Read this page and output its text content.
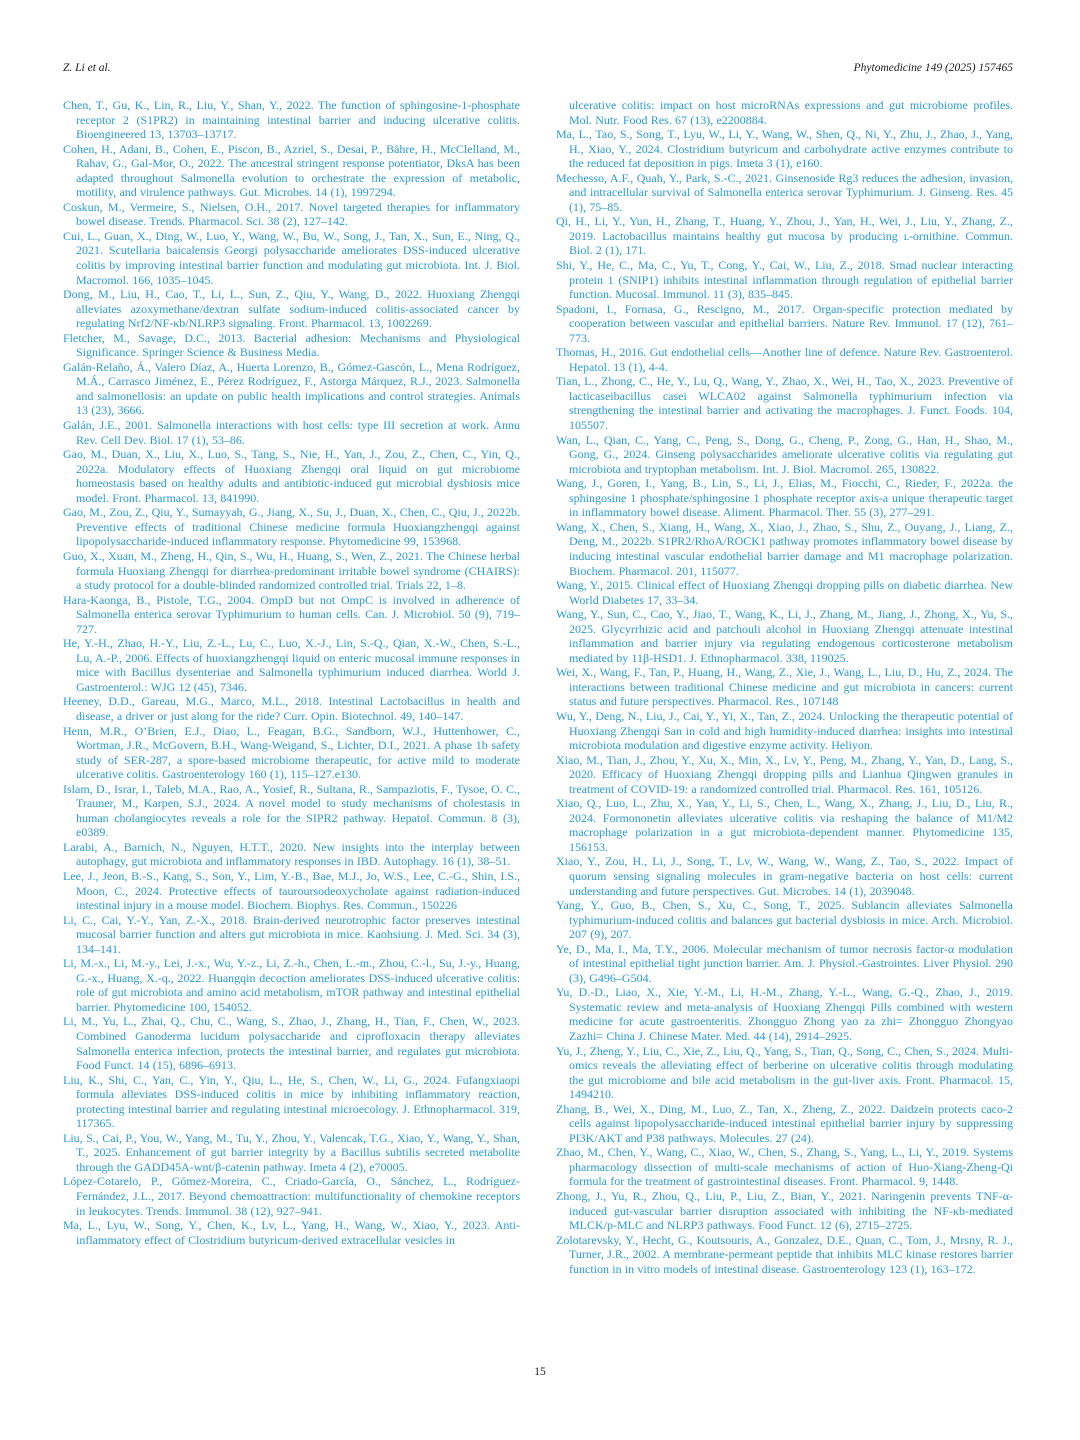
Z. Li et al.	Phytomedicine 149 (2025) 157465

Chen, T., Gu, K., Lin, R., Liu, Y., Shan, Y., 2022. The function of sphingosine-1-phosphate receptor 2 (S1PR2) in maintaining intestinal barrier and inducing ulcerative colitis. Bioengineered 13, 13703–13717.

Cohen, H., Adani, B., Cohen, E., Piscon, B., Azriel, S., Desai, P., Bähre, H., McClelland, M., Rahav, G., Gal-Mor, O., 2022. The ancestral stringent response potentiator, DksA has been adapted throughout Salmonella evolution to orchestrate the expression of metabolic, motility, and virulence pathways. Gut. Microbes. 14 (1), 1997294.

Coskun, M., Vermeire, S., Nielsen, O.H., 2017. Novel targeted therapies for inflammatory bowel disease. Trends. Pharmacol. Sci. 38 (2), 127–142.

Cui, L., Guan, X., Ding, W., Luo, Y., Wang, W., Bu, W., Song, J., Tan, X., Sun, E., Ning, Q., 2021. Scutellaria baicalensis Georgi polysaccharide ameliorates DSS-induced ulcerative colitis by improving intestinal barrier function and modulating gut microbiota. Int. J. Biol. Macromol. 166, 1035–1045.

Dong, M., Liu, H., Cao, T., Li, L., Sun, Z., Qiu, Y., Wang, D., 2022. Huoxiang Zhengqi alleviates azoxymethane/dextran sulfate sodium-induced colitis-associated cancer by regulating Nrf2/NF-κb/NLRP3 signaling. Front. Pharmacol. 13, 1002269.

Fletcher, M., Savage, D.C., 2013. Bacterial adhesion: Mechanisms and Physiological Significance. Springer Science & Business Media.

Galán-Relaño, Á., Valero Díaz, A., Huerta Lorenzo, B., Gómez-Gascón, L., Mena Rodríguez, M.Á., Carrasco Jiménez, E., Pérez Rodríguez, F., Astorga Márquez, R.J., 2023. Salmonella and salmonellosis: an update on public health implications and control strategies. Animals 13 (23), 3666.

Galán, J.E., 2001. Salmonella interactions with host cells: type III secretion at work. Annu Rev. Cell Dev. Biol. 17 (1), 53–86.

Gao, M., Duan, X., Liu, X., Luo, S., Tang, S., Nie, H., Yan, J., Zou, Z., Chen, C., Yin, Q., 2022a. Modulatory effects of Huoxiang Zhengqi oral liquid on gut microbiome homeostasis based on healthy adults and antibiotic-induced gut microbial dysbiosis mice model. Front. Pharmacol. 13, 841990.

Gao, M., Zou, Z., Qiu, Y., Sumayyah, G., Jiang, X., Su, J., Duan, X., Chen, C., Qiu, J., 2022b. Preventive effects of traditional Chinese medicine formula Huoxiangzhengqi against lipopolysaccharide-induced inflammatory response. Phytomedicine 99, 153968.

Guo, X., Xuan, M., Zheng, H., Qin, S., Wu, H., Huang, S., Wen, Z., 2021. The Chinese herbal formula Huoxiang Zhengqi for diarrhea-predominant irritable bowel syndrome (CHAIRS): a study protocol for a double-blinded randomized controlled trial. Trials 22, 1–8.

Hara-Kaonga, B., Pistole, T.G., 2004. OmpD but not OmpC is involved in adherence of Salmonella enterica serovar Typhimurium to human cells. Can. J. Microbiol. 50 (9), 719–727.

He, Y.-H., Zhao, H.-Y., Liu, Z.-L., Lu, C., Luo, X.-J., Lin, S.-Q., Qian, X.-W., Chen, S.-L., Lu, A.-P., 2006. Effects of huoxiangzhengqi liquid on enteric mucosal immune responses in mice with Bacillus dysenteriae and Salmonella typhimurium induced diarrhea. World J. Gastroenterol.: WJG 12 (45), 7346.

Heeney, D.D., Gareau, M.G., Marco, M.L., 2018. Intestinal Lactobacillus in health and disease, a driver or just along for the ride? Curr. Opin. Biotechnol. 49, 140–147.

Henn, M.R., O’Brien, E.J., Diao, L., Feagan, B.G., Sandborn, W.J., Huttenhower, C., Wortman, J.R., McGovern, B.H., Wang-Weigand, S., Lichter, D.I., 2021. A phase 1b safety study of SER-287, a spore-based microbiome therapeutic, for active mild to moderate ulcerative colitis. Gastroenterology 160 (1), 115–127.e130.

Islam, D., Israr, I., Taleb, M.A., Rao, A., Yosief, R., Sultana, R., Sampaziotis, F., Tysoe, O. C., Trauner, M., Karpen, S.J., 2024. A novel model to study mechanisms of cholestasis in human cholangiocytes reveals a role for the SIPR2 pathway. Hepatol. Commun. 8 (3), e0389.

Larabi, A., Barnich, N., Nguyen, H.T.T., 2020. New insights into the interplay between autophagy, gut microbiota and inflammatory responses in IBD. Autophagy. 16 (1), 38–51.

Lee, J., Jeon, B.-S., Kang, S., Son, Y., Lim, Y.-B., Bae, M.J., Jo, W.S., Lee, C.-G., Shin, I.S., Moon, C., 2024. Protective effects of tauroursodeoxycholate against radiation-induced intestinal injury in a mouse model. Biochem. Biophys. Res. Commun., 150226

Li, C., Cai, Y.-Y., Yan, Z.-X., 2018. Brain-derived neurotrophic factor preserves intestinal mucosal barrier function and alters gut microbiota in mice. Kaohsiung. J. Med. Sci. 34 (3), 134–141.

Li, M.-x., Li, M.-y., Lei, J.-x., Wu, Y.-z., Li, Z.-h., Chen, L.-m., Zhou, C.-l., Su, J.-y., Huang, G.-x., Huang, X.-q., 2022. Huangqin decoction ameliorates DSS-induced ulcerative colitis: role of gut microbiota and amino acid metabolism, mTOR pathway and intestinal epithelial barrier. Phytomedicine 100, 154052.

Li, M., Yu, L., Zhai, Q., Chu, C., Wang, S., Zhao, J., Zhang, H., Tian, F., Chen, W., 2023. Combined Ganoderma lucidum polysaccharide and ciprofloxacin therapy alleviates Salmonella enterica infection, protects the intestinal barrier, and regulates gut microbiota. Food Funct. 14 (15), 6896–6913.

Liu, K., Shi, C., Yan, C., Yin, Y., Qiu, L., He, S., Chen, W., Li, G., 2024. Fufangxiaopi formula alleviates DSS-induced colitis in mice by inhibiting inflammatory reaction, protecting intestinal barrier and regulating intestinal microecology. J. Ethnopharmacol. 319, 117365.

Liu, S., Cai, P., You, W., Yang, M., Tu, Y., Zhou, Y., Valencak, T.G., Xiao, Y., Wang, Y., Shan, T., 2025. Enhancement of gut barrier integrity by a Bacillus subtilis secreted metabolite through the GADD45A-wnt/β-catenin pathway. Imeta 4 (2), e70005.

López-Cotarelo, P., Gómez-Moreira, C., Criado-García, O., Sánchez, L., Rodríguez-Fernández, J.L., 2017. Beyond chemoattraction: multifunctionality of chemokine receptors in leukocytes. Trends. Immunol. 38 (12), 927–941.

Ma, L., Lyu, W., Song, Y., Chen, K., Lv, L., Yang, H., Wang, W., Xiao, Y., 2023. Anti-inflammatory effect of Clostridium butyricum-derived extracellular vesicles in

ulcerative colitis: impact on host microRNAs expressions and gut microbiome profiles. Mol. Nutr. Food Res. 67 (13), e2200884.

Ma, L., Tao, S., Song, T., Lyu, W., Li, Y., Wang, W., Shen, Q., Ni, Y., Zhu, J., Zhao, J., Yang, H., Xiao, Y., 2024. Clostridium butyricum and carbohydrate active enzymes contribute to the reduced fat deposition in pigs. Imeta 3 (1), e160.

Mechesso, A.F., Quah, Y., Park, S.-C., 2021. Ginsenoside Rg3 reduces the adhesion, invasion, and intracellular survival of Salmonella enterica serovar Typhimurium. J. Ginseng. Res. 45 (1), 75–85.

Qi, H., Li, Y., Yun, H., Zhang, T., Huang, Y., Zhou, J., Yan, H., Wei, J., Liu, Y., Zhang, Z., 2019. Lactobacillus maintains healthy gut mucosa by producing ʟ-ornithine. Commun. Biol. 2 (1), 171.

Shi, Y., He, C., Ma, C., Yu, T., Cong, Y., Cai, W., Liu, Z., 2018. Smad nuclear interacting protein 1 (SNIP1) inhibits intestinal inflammation through regulation of epithelial barrier function. Mucosal. Immunol. 11 (3), 835–845.

Spadoni, I., Fornasa, G., Rescigno, M., 2017. Organ-specific protection mediated by cooperation between vascular and epithelial barriers. Nature Rev. Immunol. 17 (12), 761–773.

Thomas, H., 2016. Gut endothelial cells—Another line of defence. Nature Rev. Gastroenterol. Hepatol. 13 (1), 4-4.

Tian, L., Zhong, C., He, Y., Lu, Q., Wang, Y., Zhao, X., Wei, H., Tao, X., 2023. Preventive of lacticaseibacillus casei WLCA02 against Salmonella typhimurium infection via strengthening the intestinal barrier and activating the macrophages. J. Funct. Foods. 104, 105507.

Wan, L., Qian, C., Yang, C., Peng, S., Dong, G., Cheng, P., Zong, G., Han, H., Shao, M., Gong, G., 2024. Ginseng polysaccharides ameliorate ulcerative colitis via regulating gut microbiota and tryptophan metabolism. Int. J. Biol. Macromol. 265, 130822.

Wang, J., Goren, I., Yang, B., Lin, S., Li, J., Elias, M., Fiocchi, C., Rieder, F., 2022a. the sphingosine 1 phosphate/sphingosine 1 phosphate receptor axis-a unique therapeutic target in inflammatory bowel disease. Aliment. Pharmacol. Ther. 55 (3), 277–291.

Wang, X., Chen, S., Xiang, H., Wang, X., Xiao, J., Zhao, S., Shu, Z., Ouyang, J., Liang, Z., Deng, M., 2022b. S1PR2/RhoA/ROCK1 pathway promotes inflammatory bowel disease by inducing intestinal vascular endothelial barrier damage and M1 macrophage polarization. Biochem. Pharmacol. 201, 115077.

Wang, Y., 2015. Clinical effect of Huoxiang Zhengqi dropping pills on diabetic diarrhea. New World Diabetes 17, 33–34.

Wang, Y., Sun, C., Cao, Y., Jiao, T., Wang, K., Li, J., Zhang, M., Jiang, J., Zhong, X., Yu, S., 2025. Glycyrrhizic acid and patchouli alcohol in Huoxiang Zhengqi attenuate intestinal inflammation and barrier injury via regulating endogenous corticosterone metabolism mediated by 11β-HSD1. J. Ethnopharmacol. 338, 119025.

Wei, X., Wang, F., Tan, P., Huang, H., Wang, Z., Xie, J., Wang, L., Liu, D., Hu, Z., 2024. The interactions between traditional Chinese medicine and gut microbiota in cancers: current status and future perspectives. Pharmacol. Res., 107148

Wu, Y., Deng, N., Liu, J., Cai, Y., Yi, X., Tan, Z., 2024. Unlocking the therapeutic potential of Huoxiang Zhengqi San in cold and high humidity-induced diarrhea: insights into intestinal microbiota modulation and digestive enzyme activity. Heliyon.

Xiao, M., Tian, J., Zhou, Y., Xu, X., Min, X., Lv, Y., Peng, M., Zhang, Y., Yan, D., Lang, S., 2020. Efficacy of Huoxiang Zhengqi dropping pills and Lianhua Qingwen granules in treatment of COVID-19: a randomized controlled trial. Pharmacol. Res. 161, 105126.

Xiao, Q., Luo, L., Zhu, X., Yan, Y., Li, S., Chen, L., Wang, X., Zhang, J., Liu, D., Liu, R., 2024. Formononetin alleviates ulcerative colitis via reshaping the balance of M1/M2 macrophage polarization in a gut microbiota-dependent manner. Phytomedicine 135, 156153.

Xiao, Y., Zou, H., Li, J., Song, T., Lv, W., Wang, W., Wang, Z., Tao, S., 2022. Impact of quorum sensing signaling molecules in gram-negative bacteria on host cells: current understanding and future perspectives. Gut. Microbes. 14 (1), 2039048.

Yang, Y., Guo, B., Chen, S., Xu, C., Song, T., 2025. Sublancin alleviates Salmonella typhimurium-induced colitis and balances gut bacterial dysbiosis in mice. Arch. Microbiol. 207 (9), 207.

Ye, D., Ma, I., Ma, T.Y., 2006. Molecular mechanism of tumor necrosis factor-α modulation of intestinal epithelial tight junction barrier. Am. J. Physiol.-Gastrointes. Liver Physiol. 290 (3), G496–G504.

Yu, D.-D., Liao, X., Xie, Y.-M., Li, H.-M., Zhang, Y.-L., Wang, G.-Q., Zhao, J., 2019. Systematic review and meta-analysis of Huoxiang Zhengqi Pills combined with western medicine for acute gastroenteritis. Zhongguo Zhong yao za zhi= Zhongguo Zhongyao Zazhi= China J. Chinese Mater. Med. 44 (14), 2914–2925.

Yu, J., Zheng, Y., Liu, C., Xie, Z., Liu, Q., Yang, S., Tian, Q., Song, C., Chen, S., 2024. Multi-omics reveals the alleviating effect of berberine on ulcerative colitis through modulating the gut microbiome and bile acid metabolism in the gut-liver axis. Front. Pharmacol. 15, 1494210.

Zhang, B., Wei, X., Ding, M., Luo, Z., Tan, X., Zheng, Z., 2022. Daidzein protects caco-2 cells against lipopolysaccharide-induced intestinal epithelial barrier injury by suppressing PI3K/AKT and P38 pathways. Molecules. 27 (24).

Zhao, M., Chen, Y., Wang, C., Xiao, W., Chen, S., Zhang, S., Yang, L., Li, Y., 2019. Systems pharmacology dissection of multi-scale mechanisms of action of Huo-Xiang-Zheng-Qi formula for the treatment of gastrointestinal diseases. Front. Pharmacol. 9, 1448.

Zhong, J., Yu, R., Zhou, Q., Liu, P., Liu, Z., Bian, Y., 2021. Naringenin prevents TNF-α-induced gut-vascular barrier disruption associated with inhibiting the NF-κb-mediated MLCK/p-MLC and NLRP3 pathways. Food Funct. 12 (6), 2715–2725.

Zolotarevsky, Y., Hecht, G., Koutsouris, A., Gonzalez, D.E., Quan, C., Tom, J., Mrsny, R. J., Turner, J.R., 2002. A membrane-permeant peptide that inhibits MLC kinase restores barrier function in in vitro models of intestinal disease. Gastroenterology 123 (1), 163–172.

15
